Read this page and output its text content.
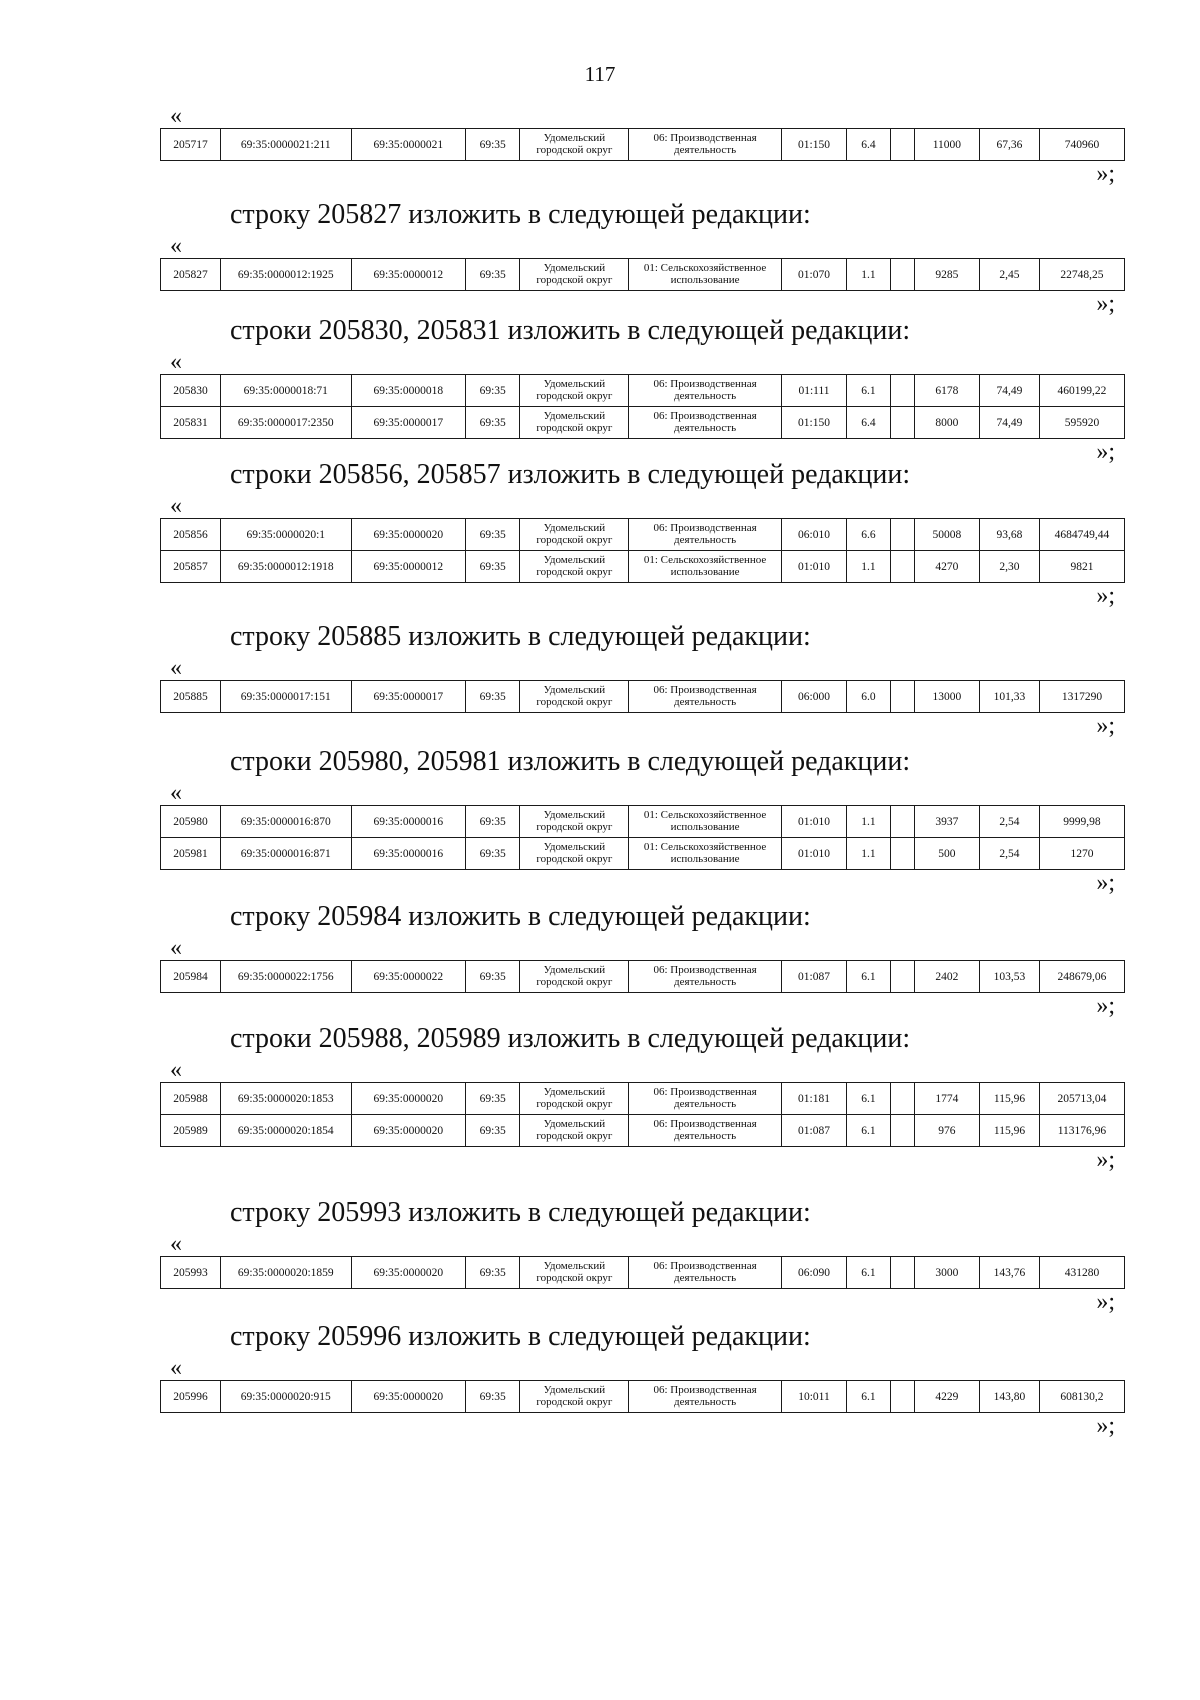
117
«
205717	69:35:0000021:211	69:35:0000021	69:35	Удомельский городской округ	06: Производственная деятельность	01:150	6.4		11000	67,36	740960
»;
строку 205827 изложить в следующей редакции:
«
205827	69:35:0000012:1925	69:35:0000012	69:35	Удомельский городской округ	01: Сельскохозяйственное использование	01:070	1.1		9285	2,45	22748,25
»;
строки 205830, 205831 изложить в следующей редакции:
«
205830	69:35:0000018:71	69:35:0000018	69:35	Удомельский городской округ	06: Производственная деятельность	01:111	6.1		6178	74,49	460199,22
205831	69:35:0000017:2350	69:35:0000017	69:35	Удомельский городской округ	06: Производственная деятельность	01:150	6.4		8000	74,49	595920
»;
строки 205856, 205857 изложить в следующей редакции:
«
205856	69:35:0000020:1	69:35:0000020	69:35	Удомельский городской округ	06: Производственная деятельность	06:010	6.6		50008	93,68	4684749,44
205857	69:35:0000012:1918	69:35:0000012	69:35	Удомельский городской округ	01: Сельскохозяйственное использование	01:010	1.1		4270	2,30	9821
»;
строку 205885 изложить в следующей редакции:
«
205885	69:35:0000017:151	69:35:0000017	69:35	Удомельский городской округ	06: Производственная деятельность	06:000	6.0		13000	101,33	1317290
»;
строки 205980, 205981 изложить в следующей редакции:
«
205980	69:35:0000016:870	69:35:0000016	69:35	Удомельский городской округ	01: Сельскохозяйственное использование	01:010	1.1		3937	2,54	9999,98
205981	69:35:0000016:871	69:35:0000016	69:35	Удомельский городской округ	01: Сельскохозяйственное использование	01:010	1.1		500	2,54	1270
»;
строку 205984 изложить в следующей редакции:
«
205984	69:35:0000022:1756	69:35:0000022	69:35	Удомельский городской округ	06: Производственная деятельность	01:087	6.1		2402	103,53	248679,06
»;
строки 205988, 205989 изложить в следующей редакции:
«
205988	69:35:0000020:1853	69:35:0000020	69:35	Удомельский городской округ	06: Производственная деятельность	01:181	6.1		1774	115,96	205713,04
205989	69:35:0000020:1854	69:35:0000020	69:35	Удомельский городской округ	06: Производственная деятельность	01:087	6.1		976	115,96	113176,96
»;
строку 205993 изложить в следующей редакции:
«
205993	69:35:0000020:1859	69:35:0000020	69:35	Удомельский городской округ	06: Производственная деятельность	06:090	6.1		3000	143,76	431280
»;
строку 205996 изложить в следующей редакции:
«
205996	69:35:0000020:915	69:35:0000020	69:35	Удомельский городской округ	06: Производственная деятельность	10:011	6.1		4229	143,80	608130,2
»;
